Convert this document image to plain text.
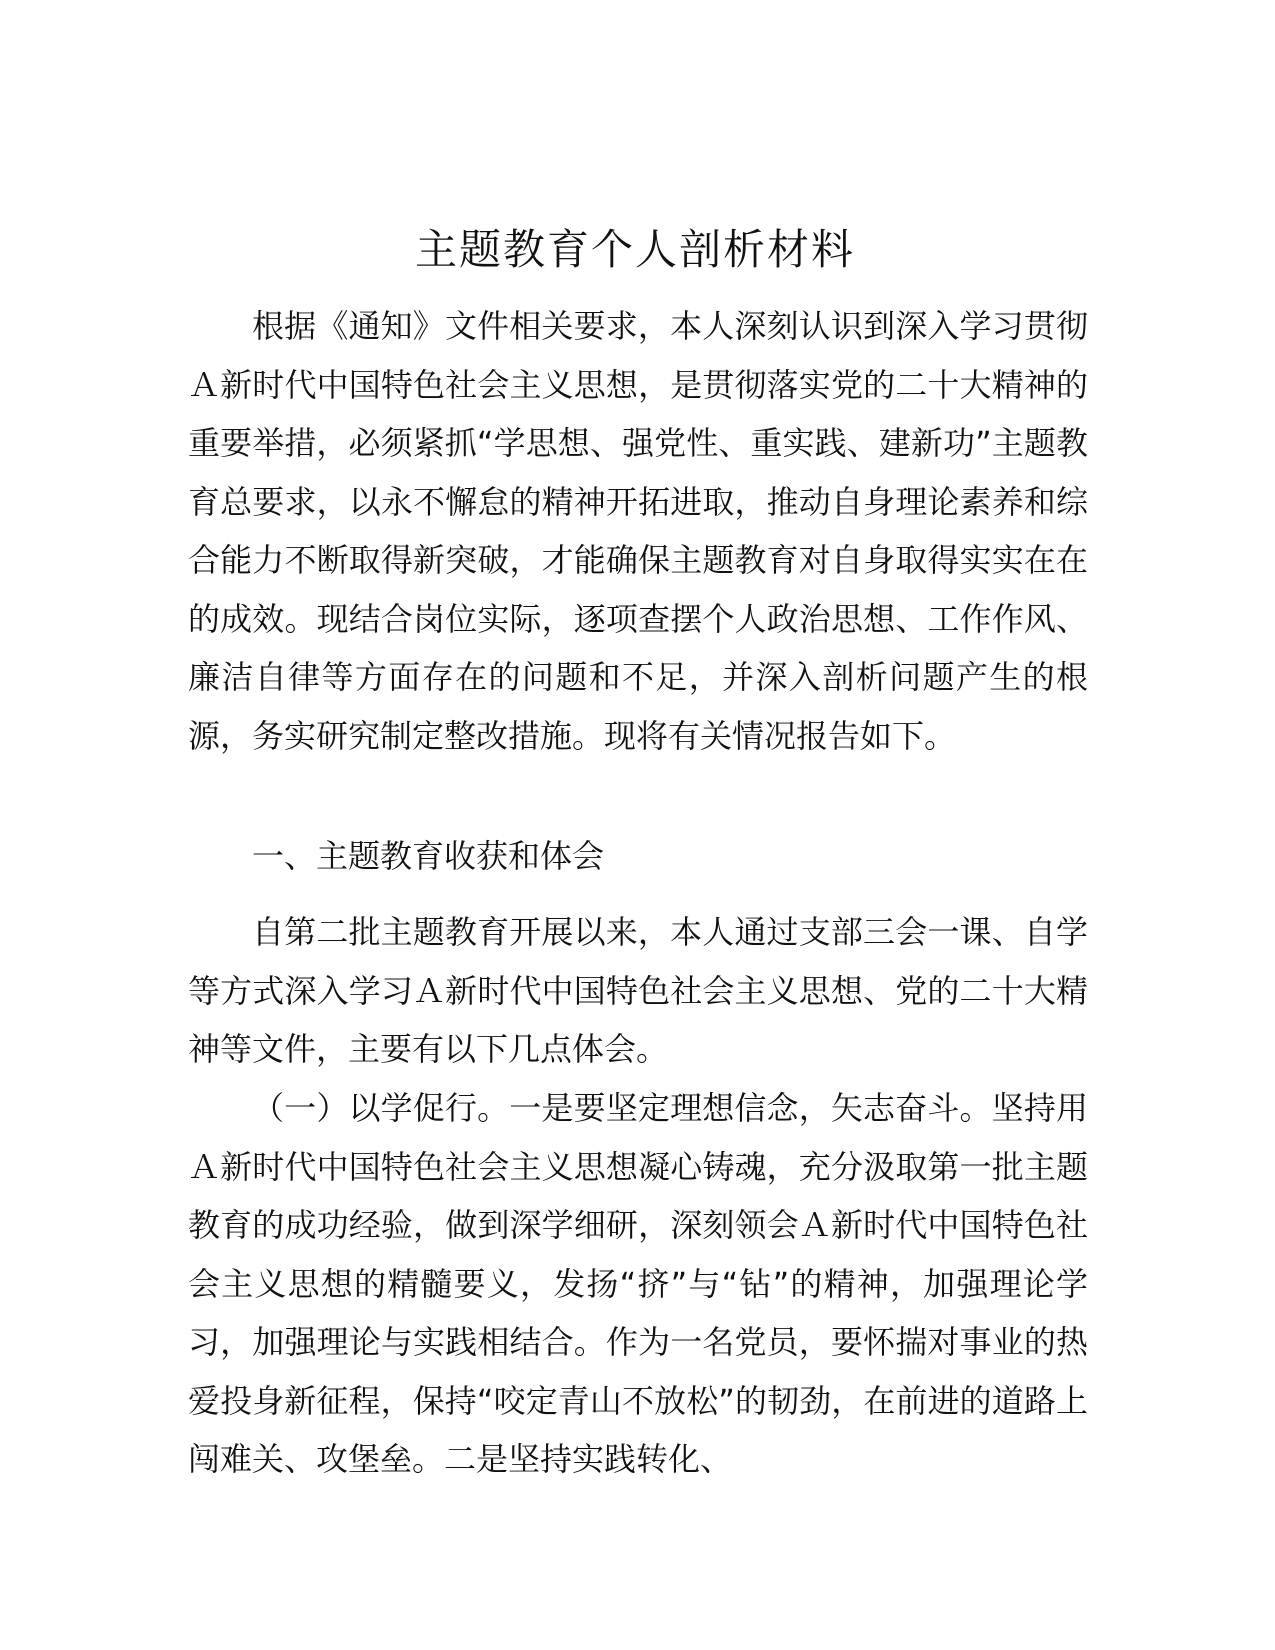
主题教育个人剖析材料

根据《通知》文件相关要求，本人深刻认识到深入学习贯彻Ａ新时代中国特色社会主义思想，是贯彻落实党的二十大精神的重要举措，必须紧抓“学思想、强党性、重实践、建新功”主题教育总要求，以永不懈怠的精神开拓进取，推动自身理论素养和综合能力不断取得新突破，才能确保主题教育对自身取得实实在在的成效。现结合岗位实际，逐项查摆个人政治思想、工作作风、廉洁自律等方面存在的问题和不足，并深入剖析问题产生的根源，务实研究制定整改措施。现将有关情况报告如下。

一、主题教育收获和体会

自第二批主题教育开展以来，本人通过支部三会一课、自学等方式深入学习Ａ新时代中国特色社会主义思想、党的二十大精神等文件，主要有以下几点体会。

（一）以学促行。一是要坚定理想信念，矢志奋斗。坚持用Ａ新时代中国特色社会主义思想凝心铸魂，充分汲取第一批主题教育的成功经验，做到深学细研，深刻领会Ａ新时代中国特色社会主义思想的精髓要义，发扬“挤”与“钻”的精神，加强理论学习，加强理论与实践相结合。作为一名党员，要怀揣对事业的热爱投身新征程，保持“咬定青山不放松”的韧劲，在前进的道路上闯难关、攻堡垒。二是坚持实践转化、
